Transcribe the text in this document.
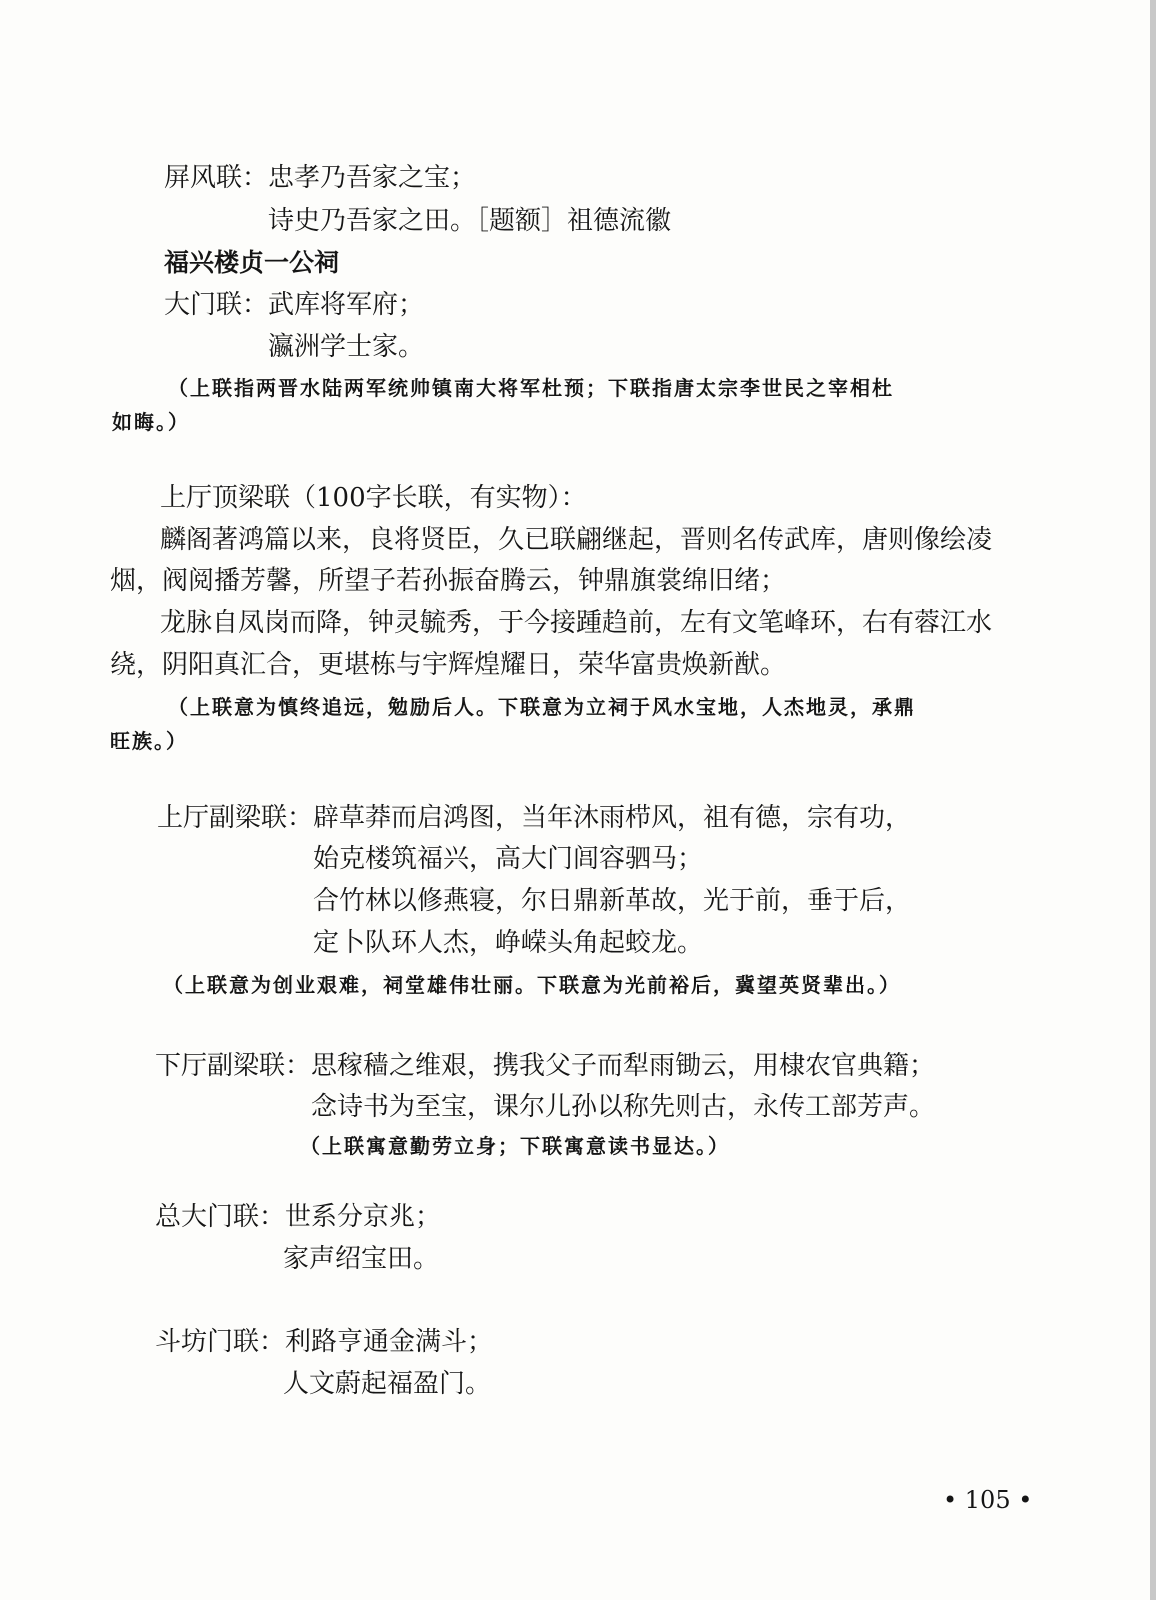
屏风联：忠孝乃吾家之宝；
诗史乃吾家之田。［题额］祖德流徽
福兴楼贞一公祠
大门联：武库将军府；
瀛洲学士家。
（上联指两晋水陆两军统帅镇南大将军杜预；下联指唐太宗李世民之宰相杜
如晦。）
上厅顶梁联（100字长联，有实物）：
麟阁著鸿篇以来，良将贤臣，久已联翩继起，晋则名传武库，唐则像绘凌
烟，阀阅播芳馨，所望子若孙振奋腾云，钟鼎旗裳绵旧绪；
龙脉自凤岗而降，钟灵毓秀，于今接踵趋前，左有文笔峰环，右有蓉江水
绕，阴阳真汇合，更堪栋与宇辉煌耀日，荣华富贵焕新猷。
（上联意为慎终追远，勉励后人。下联意为立祠于风水宝地，人杰地灵，承鼎
旺族。）
上厅副梁联：辟草莽而启鸿图，当年沐雨栉风，祖有德，宗有功，
始克楼筑福兴，高大门闾容驷马；
合竹林以修燕寝，尔日鼎新革故，光于前，垂于后，
定卜队环人杰，峥嵘头角起蛟龙。
（上联意为创业艰难，祠堂雄伟壮丽。下联意为光前裕后，冀望英贤辈出。）
下厅副梁联：思稼穑之维艰，携我父子而犁雨锄云，用棣农官典籍；
念诗书为至宝，课尔儿孙以称先则古，永传工部芳声。
（上联寓意勤劳立身；下联寓意读书显达。）
总大门联：世系分京兆；
家声绍宝田。
斗坊门联：利路亨通金满斗；
人文蔚起福盈门。
• 105 •
